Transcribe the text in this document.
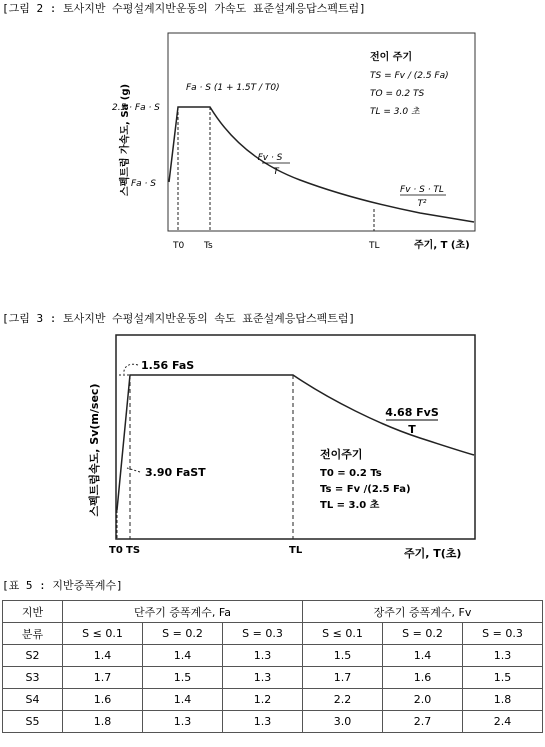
[그림 2 : 토사지반 수평설계지반운동의 가속도 표준설계응답스펙트럼]
스펙트럼 가속도, Sa (g)
2.5 · Fa · S
Fa · S
T0 Ts	TL	주기, T (초)
Fa · S (1 + 1.5T / T0)
Fv · S
T
Fv · S · TL
T²
전이 주기
TS = Fv / (2.5 Fa)
TO = 0.2 TS
TL = 3.0 초
[그림 3 : 토사지반 수평설계지반운동의 속도 표준설계응답스펙트럼]
1.56 FaS
3.90 FaST
스펙트럼속도, Sv(m/sec)
T0 TS	TL	주기, T(초)
4.68 FvS
T
전이주기
T0 = 0.2 Ts
Ts = Fv /(2.5 Fa)
TL = 3.0 초
[표 5 : 지반증폭계수]
지반	단주기 증폭계수, Fa			장주기 증폭계수, Fv		
분류	S ≤ 0.1	S = 0.2	S = 0.3	S ≤ 0.1	S = 0.2	S = 0.3
S2	1.4	1.4	1.3	1.5	1.4	1.3
S3	1.7	1.5	1.3	1.7	1.6	1.5
S4	1.6	1.4	1.2	2.2	2.0	1.8
S5	1.8	1.3	1.3	3.0	2.7	2.4
